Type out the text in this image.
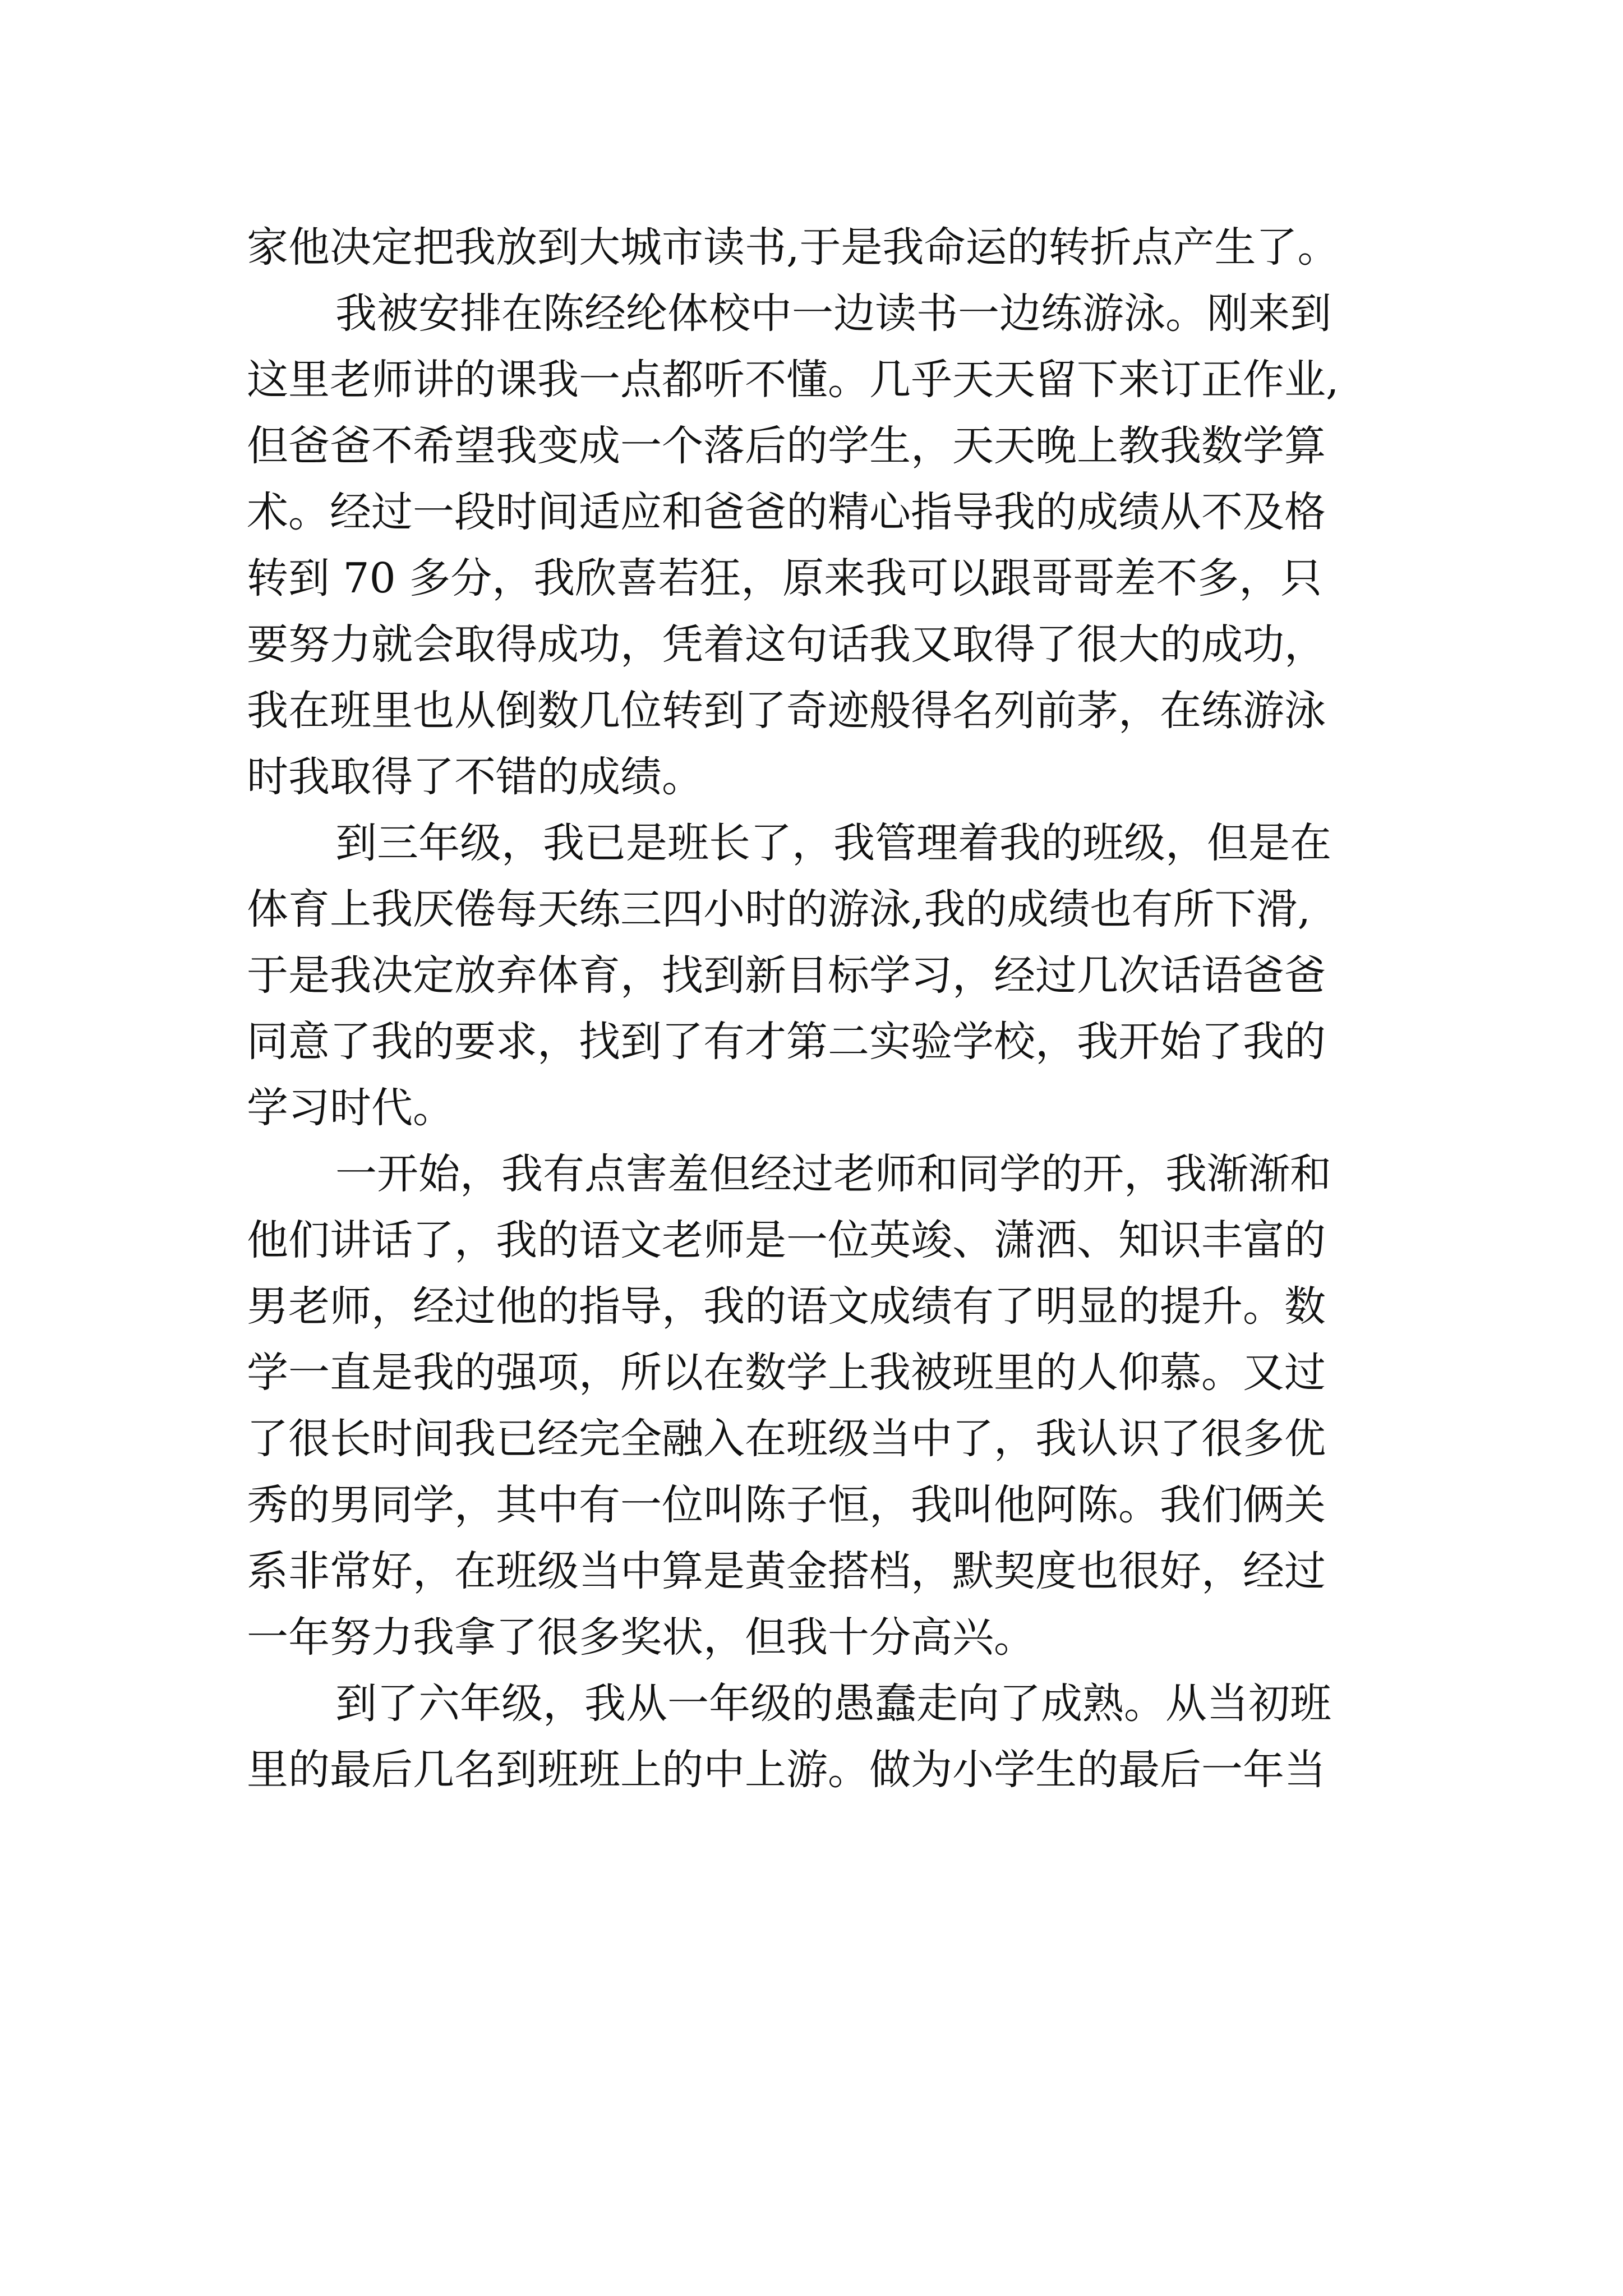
家他决定把我放到大城市读书,于是我命运的转折点产生了。
我被安排在陈经纶体校中一边读书一边练游泳。刚来到
这里老师讲的课我一点都听不懂。几乎天天留下来订正作业,
但爸爸不希望我变成一个落后的学生，天天晚上教我数学算
术。经过一段时间适应和爸爸的精心指导我的成绩从不及格
转到 70 多分，我欣喜若狂，原来我可以跟哥哥差不多，只
要努力就会取得成功，凭着这句话我又取得了很大的成功，
我在班里也从倒数几位转到了奇迹般得名列前茅，在练游泳
时我取得了不错的成绩。
到三年级，我已是班长了，我管理着我的班级，但是在
体育上我厌倦每天练三四小时的游泳,我的成绩也有所下滑,
于是我决定放弃体育，找到新目标学习，经过几次话语爸爸
同意了我的要求，找到了有才第二实验学校，我开始了我的
学习时代。
一开始，我有点害羞但经过老师和同学的开，我渐渐和
他们讲话了，我的语文老师是一位英竣、潇洒、知识丰富的
男老师，经过他的指导，我的语文成绩有了明显的提升。数
学一直是我的强项，所以在数学上我被班里的人仰慕。又过
了很长时间我已经完全融入在班级当中了，我认识了很多优
秀的男同学，其中有一位叫陈子恒，我叫他阿陈。我们俩关
系非常好，在班级当中算是黄金搭档，默契度也很好，经过
一年努力我拿了很多奖状，但我十分高兴。
到了六年级，我从一年级的愚蠢走向了成熟。从当初班
里的最后几名到班班上的中上游。做为小学生的最后一年当
